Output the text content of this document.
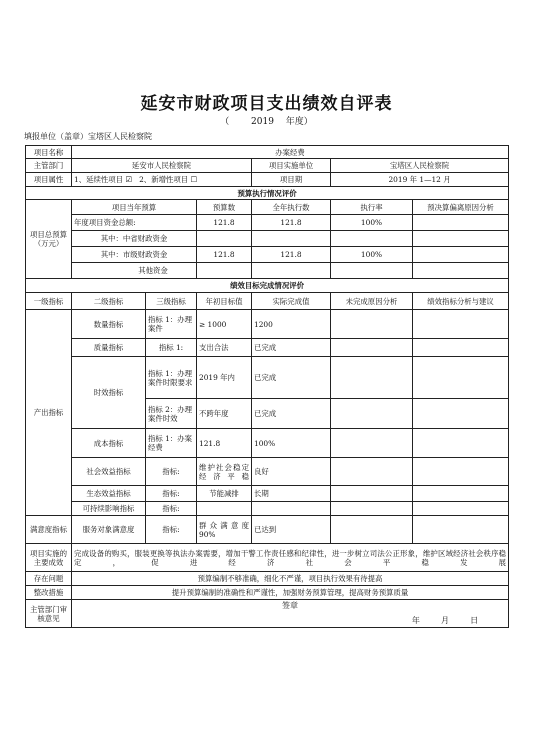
延安市财政项目支出绩效自评表
（ 2019 年度）
填报单位（盖章）宝塔区人民检察院
项目名称	办案经费					
主管部门	延安市人民检察院			项目实施单位	宝塔区人民检察院	
项目属性	1、延续性项目 ☑ 2、新增性项目 ☐			项目期	2019 年 1—12 月	
预算执行情况评价						
项目总预算（万元）	项目当年预算		预算数	全年执行数	执行率	预决算偏离原因分析
	年度项目资金总额:		121.8	121.8	100%	
	其中：中省财政资金					
	其中：市级财政资金		121.8	121.8	100%	
	其他资金					
绩效目标完成情况评价						
一级指标	二级指标	三级指标	年初目标值	实际完成值	未完成原因分析	绩效指标分析与建议
产出指标	数量指标	指标 1：办理案件	≥ 1000	1200		
	质量指标	指标 1:	支出合法	已完成		
	时效指标	指标 1：办理案件时限要求	2019 年内	已完成		
		指标 2：办理案件时效	不跨年度	已完成		
	成本指标	指标 1：办案经费	121.8	100%		
	社会效益指标	指标:	维护社会稳定经济平稳	良好		
	生态效益指标	指标:	节能减排	长期		
	可持续影响指标	指标:				
满意度指标	服务对象满意度	指标:	群众满意度 90%	已达到		
项目实施的主要成效	完成设备的购买，服装更换等执法办案需要，增加干警工作责任感和纪律性，进一步树立司法公正形象，维护区域经济社会秩序稳定，促进经济社会平稳发展					
存在问题	预算编制不够准确，细化不严谨，项目执行效果有待提高					
整改措施	提升预算编制的准确性和严谨性，加强财务预算管理，提高财务预算质量					
主管部门审核意见	签章
年 月 日					
